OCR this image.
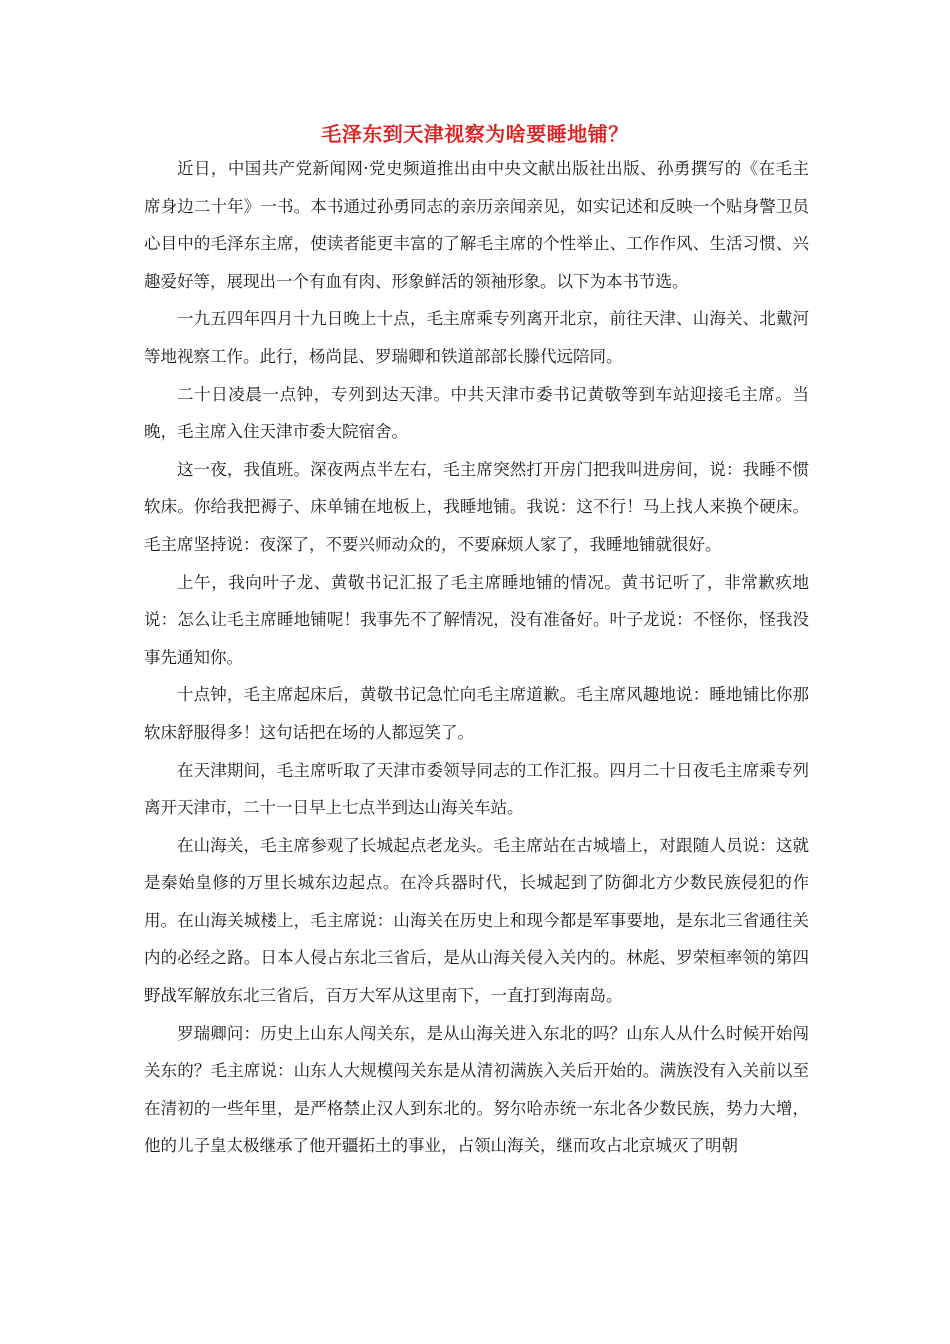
毛泽东到天津视察为啥要睡地铺？

近日，中国共产党新闻网·党史频道推出由中央文献出版社出版、孙勇撰写的《在毛主席身边二十年》一书。本书通过孙勇同志的亲历亲闻亲见，如实记述和反映一个贴身警卫员心目中的毛泽东主席，使读者能更丰富的了解毛主席的个性举止、工作作风、生活习惯、兴趣爱好等，展现出一个有血有肉、形象鲜活的领袖形象。以下为本书节选。

一九五四年四月十九日晚上十点，毛主席乘专列离开北京，前往天津、山海关、北戴河等地视察工作。此行，杨尚昆、罗瑞卿和铁道部部长滕代远陪同。

二十日凌晨一点钟，专列到达天津。中共天津市委书记黄敬等到车站迎接毛主席。当晚，毛主席入住天津市委大院宿舍。

这一夜，我值班。深夜两点半左右，毛主席突然打开房门把我叫进房间，说：我睡不惯软床。你给我把褥子、床单铺在地板上，我睡地铺。我说：这不行！马上找人来换个硬床。毛主席坚持说：夜深了，不要兴师动众的，不要麻烦人家了，我睡地铺就很好。

上午，我向叶子龙、黄敬书记汇报了毛主席睡地铺的情况。黄书记听了，非常歉疚地说：怎么让毛主席睡地铺呢！我事先不了解情况，没有准备好。叶子龙说：不怪你，怪我没事先通知你。

十点钟，毛主席起床后，黄敬书记急忙向毛主席道歉。毛主席风趣地说：睡地铺比你那软床舒服得多！这句话把在场的人都逗笑了。

在天津期间，毛主席听取了天津市委领导同志的工作汇报。四月二十日夜毛主席乘专列离开天津市，二十一日早上七点半到达山海关车站。

在山海关，毛主席参观了长城起点老龙头。毛主席站在古城墙上，对跟随人员说：这就是秦始皇修的万里长城东边起点。在冷兵器时代，长城起到了防御北方少数民族侵犯的作用。在山海关城楼上，毛主席说：山海关在历史上和现今都是军事要地，是东北三省通往关内的必经之路。日本人侵占东北三省后，是从山海关侵入关内的。林彪、罗荣桓率领的第四野战军解放东北三省后，百万大军从这里南下，一直打到海南岛。

罗瑞卿问：历史上山东人闯关东，是从山海关进入东北的吗？山东人从什么时候开始闯关东的？毛主席说：山东人大规模闯关东是从清初满族入关后开始的。满族没有入关前以至在清初的一些年里，是严格禁止汉人到东北的。努尔哈赤统一东北各少数民族，势力大增，他的儿子皇太极继承了他开疆拓土的事业，占领山海关，继而攻占北京城灭了明朝
